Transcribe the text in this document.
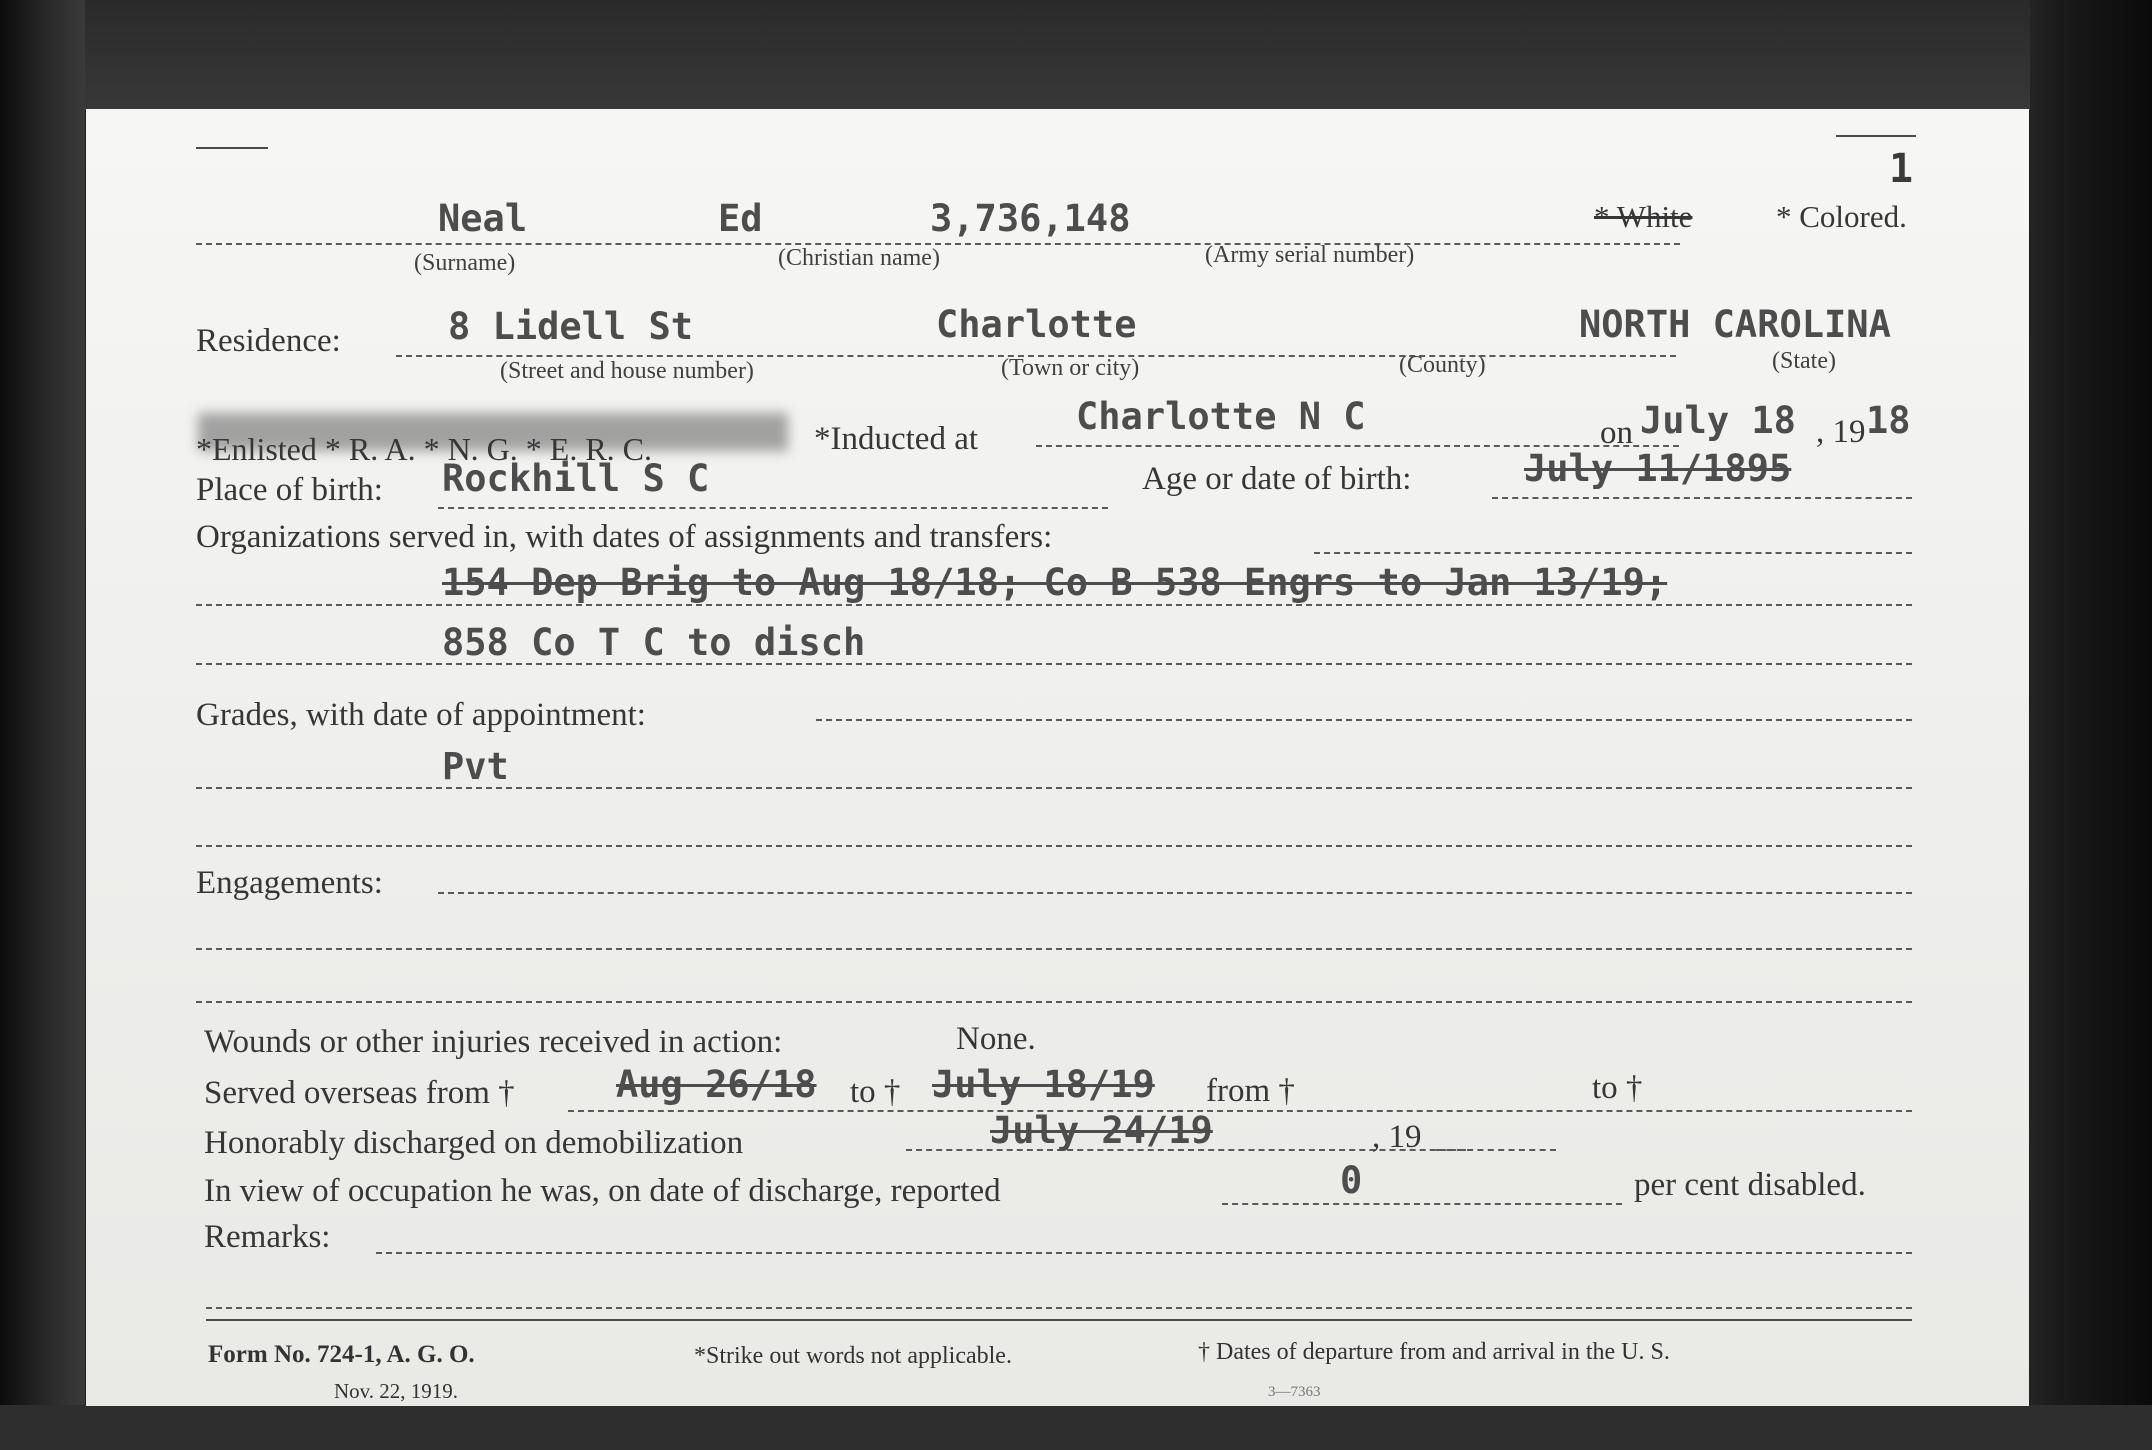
1
Neal	Ed	3,736,148	* White	* Colored.
(Surname)	(Christian name)	(Army serial number)
Residence:	8 Lidell St	Charlotte	NORTH CAROLINA
(Street and house number)	(Town or city)	(County)	(State)
*Enlisted * R. A. * N. G. * E. R. C.	*Inducted at
Charlotte N C	on July 18 , 19 18
Place of birth: Rockhill S C	Age or date of birth:	July 11/1895
Organizations served in, with dates of assignments and transfers:
154 Dep Brig to Aug 18/18; Co B 538 Engrs to Jan 13/19;
858 Co T C to disch
Grades, with date of appointment:
Pvt
Engagements:
Wounds or other injuries received in action:	None.
Served overseas from †	Aug 26/18 to † July 18/19 from †	to †
Honorably discharged on demobilization	July 24/19	, 19
In view of occupation he was, on date of discharge, reported	0	per cent disabled.
Remarks:
Form No. 724-1, A. G. O.
Nov. 22, 1919.
*Strike out words not applicable.	† Dates of departure from and arrival in the U. S.
3—7363
